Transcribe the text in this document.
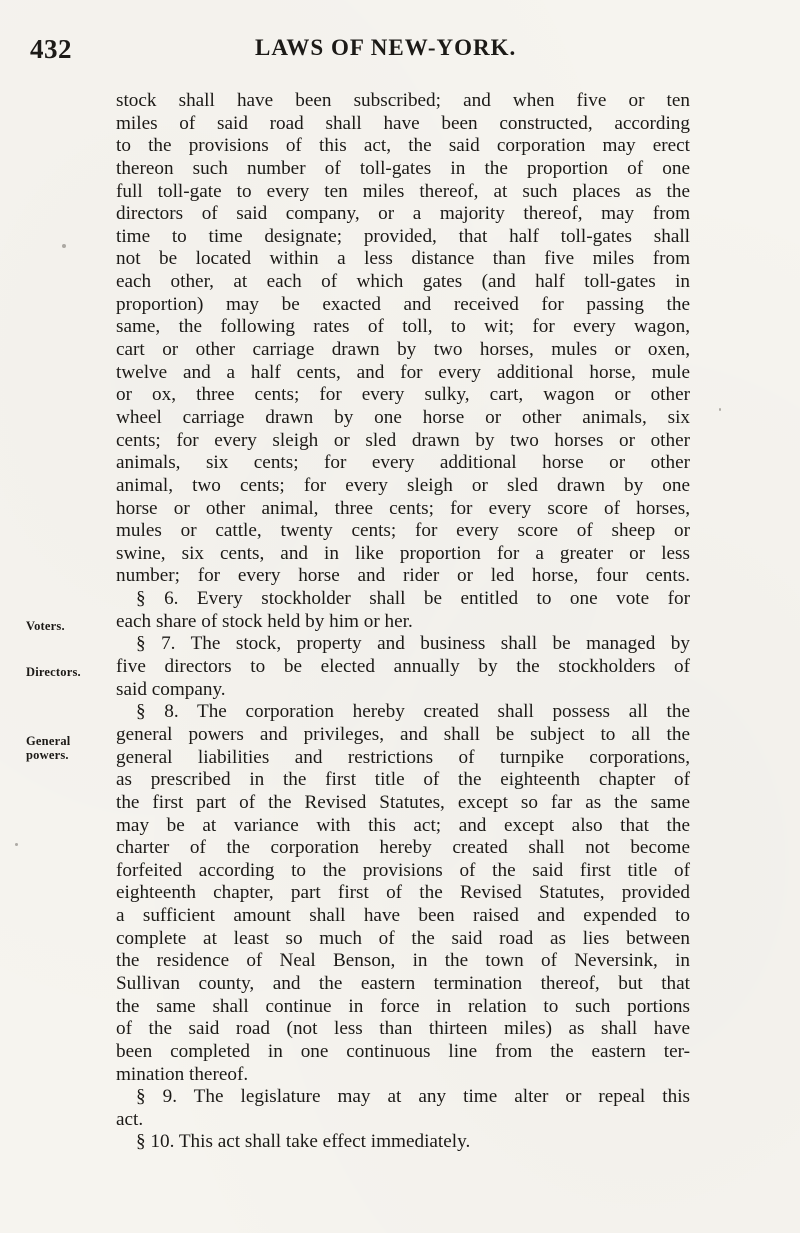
432	LAWS OF NEW-YORK.
Voters.
Directors.
General
powers.
stock shall have been subscribed; and when five or ten
miles of said road shall have been constructed, according
to the provisions of this act, the said corporation may erect
thereon such number of toll-gates in the proportion of one
full toll-gate to every ten miles thereof, at such places as the
directors of said company, or a majority thereof, may from
time to time designate; provided, that half toll-gates shall
not be located within a less distance than five miles from
each other, at each of which gates (and half toll-gates in
proportion) may be exacted and received for passing the
same, the following rates of toll, to wit; for every wagon,
cart or other carriage drawn by two horses, mules or oxen,
twelve and a half cents, and for every additional horse, mule
or ox, three cents; for every sulky, cart, wagon or other
wheel carriage drawn by one horse or other animals, six
cents; for every sleigh or sled drawn by two horses or other
animals, six cents; for every additional horse or other
animal, two cents; for every sleigh or sled drawn by one
horse or other animal, three cents; for every score of horses,
mules or cattle, twenty cents; for every score of sheep or
swine, six cents, and in like proportion for a greater or less
number; for every horse and rider or led horse, four cents.
§ 6. Every stockholder shall be entitled to one vote for
each share of stock held by him or her.
§ 7. The stock, property and business shall be managed by
five directors to be elected annually by the stockholders of
said company.
§ 8. The corporation hereby created shall possess all the
general powers and privileges, and shall be subject to all the
general liabilities and restrictions of turnpike corporations,
as prescribed in the first title of the eighteenth chapter of
the first part of the Revised Statutes, except so far as the same
may be at variance with this act; and except also that the
charter of the corporation hereby created shall not become
forfeited according to the provisions of the said first title of
eighteenth chapter, part first of the Revised Statutes, provided
a sufficient amount shall have been raised and expended to
complete at least so much of the said road as lies between
the residence of Neal Benson, in the town of Neversink, in
Sullivan county, and the eastern termination thereof, but that
the same shall continue in force in relation to such portions
of the said road (not less than thirteen miles) as shall have
been completed in one continuous line from the eastern ter-
mination thereof.
§ 9. The legislature may at any time alter or repeal this
act.
§ 10. This act shall take effect immediately.
